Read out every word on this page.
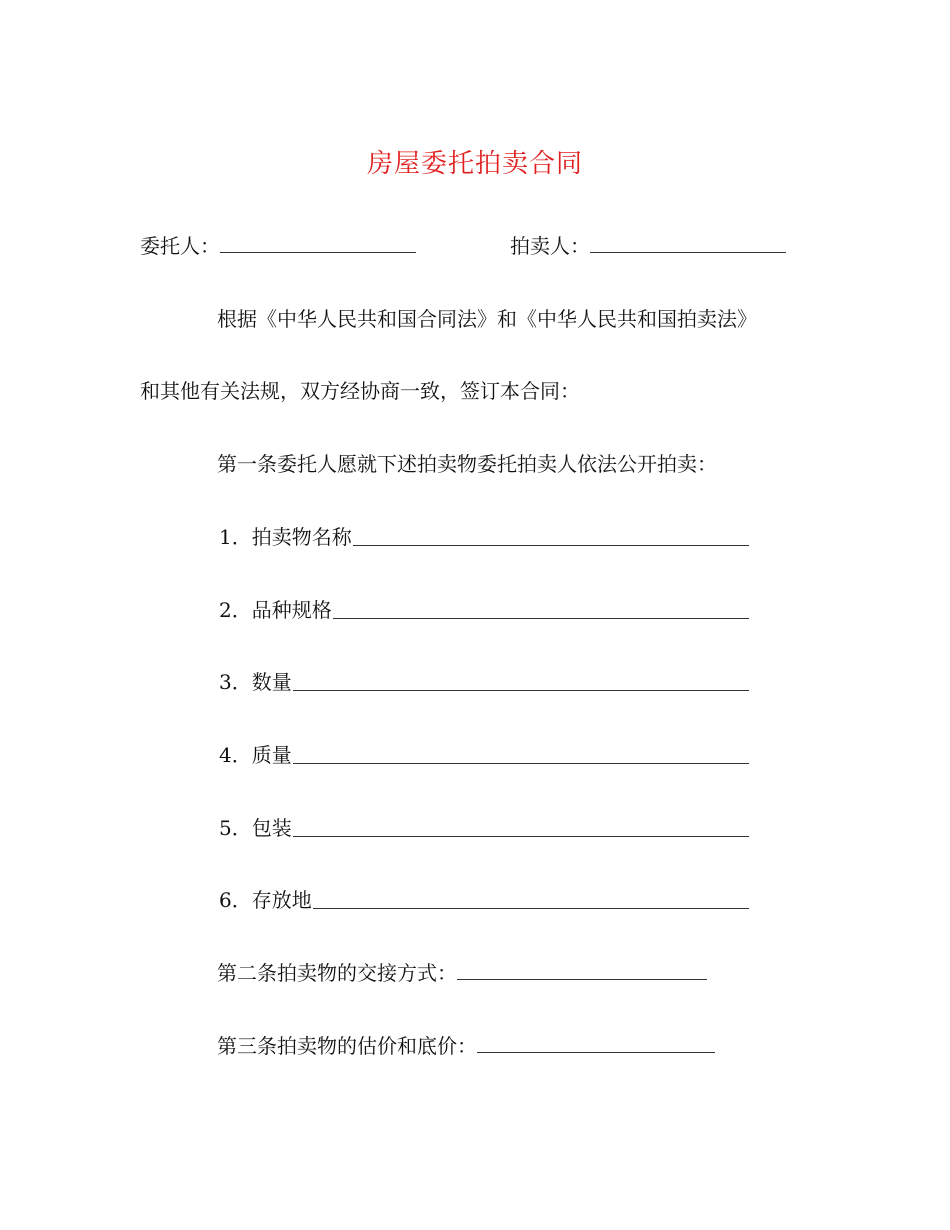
房屋委托拍卖合同
委托人：	拍卖人：
根据《中华人民共和国合同法》和《中华人民共和国拍卖法》
和其他有关法规，双方经协商一致，签订本合同：
第一条委托人愿就下述拍卖物委托拍卖人依法公开拍卖：
1．拍卖物名称
2．品种规格
3．数量
4．质量
5．包装
6．存放地
第二条拍卖物的交接方式：
第三条拍卖物的估价和底价：
